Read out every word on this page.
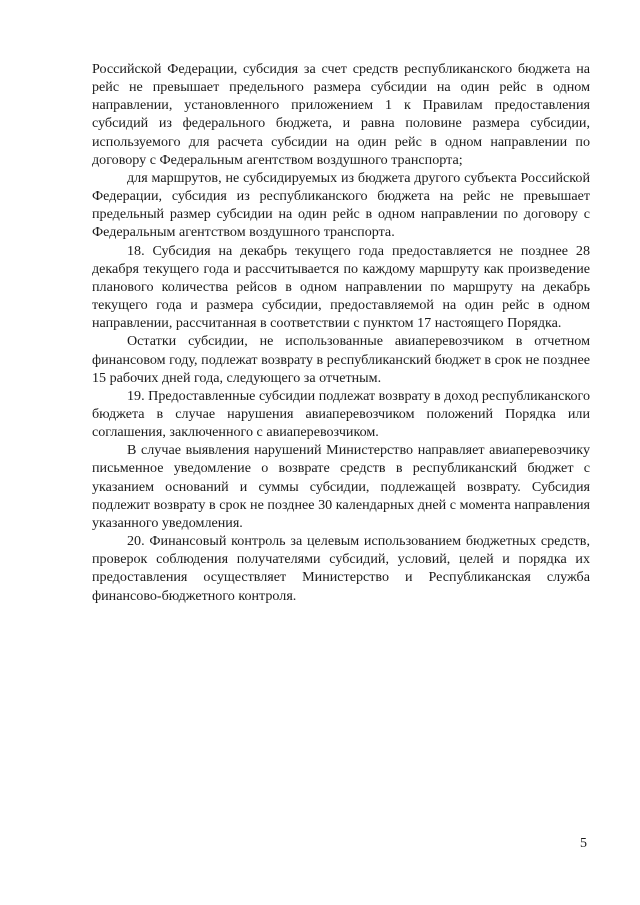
Российской Федерации, субсидия за счет средств республиканского бюджета на рейс не превышает предельного размера субсидии на один рейс в одном направлении, установленного приложением 1 к Правилам предоставления субсидий из федерального бюджета, и равна половине размера субсидии, используемого для расчета субсидии на один рейс в одном направлении по договору с Федеральным агентством воздушного транспорта;

для маршрутов, не субсидируемых из бюджета другого субъекта Российской Федерации, субсидия из республиканского бюджета на рейс не превышает предельный размер субсидии на один рейс в одном направлении по договору с Федеральным агентством воздушного транспорта.

18. Субсидия на декабрь текущего года предоставляется не позднее 28 декабря текущего года и рассчитывается по каждому маршруту как произведение планового количества рейсов в одном направлении по маршруту на декабрь текущего года и размера субсидии, предоставляемой на один рейс в одном направлении, рассчитанная в соответствии с пунктом 17 настоящего Порядка.

Остатки субсидии, не использованные авиаперевозчиком в отчетном финансовом году, подлежат возврату в республиканский бюджет в срок не позднее 15 рабочих дней года, следующего за отчетным.

19. Предоставленные субсидии подлежат возврату в доход республиканского бюджета в случае нарушения авиаперевозчиком положений Порядка или соглашения, заключенного с авиаперевозчиком.

В случае выявления нарушений Министерство направляет авиаперевозчику письменное уведомление о возврате средств в республиканский бюджет с указанием оснований и суммы субсидии, подлежащей возврату. Субсидия подлежит возврату в срок не позднее 30 календарных дней с момента направления указанного уведомления.

20. Финансовый контроль за целевым использованием бюджетных средств, проверок соблюдения получателями субсидий, условий, целей и порядка их предоставления осуществляет Министерство и Республиканская служба финансово-бюджетного контроля.

5
